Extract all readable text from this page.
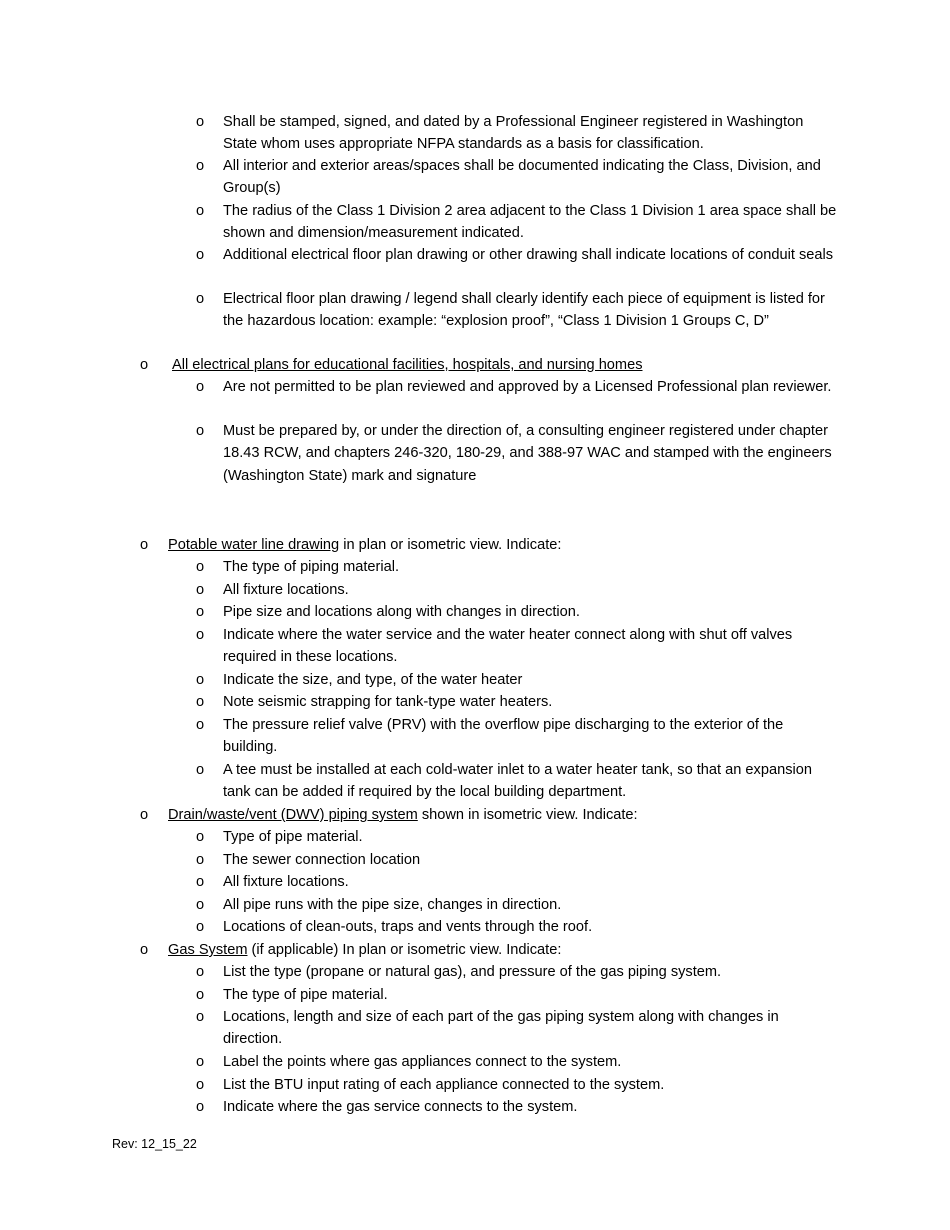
o Shall be stamped, signed, and dated by a Professional Engineer registered in Washington State whom uses appropriate NFPA standards as a basis for classification.
o All interior and exterior areas/spaces shall be documented indicating the Class, Division, and Group(s)
o The radius of the Class 1 Division 2 area adjacent to the Class 1 Division 1 area space shall be shown and dimension/measurement indicated.
o Additional electrical floor plan drawing or other drawing shall indicate locations of conduit seals
o Electrical floor plan drawing / legend shall clearly identify each piece of equipment is listed for the hazardous location: example: “explosion proof”, “Class 1 Division 1 Groups C, D”
o All electrical plans for educational facilities, hospitals, and nursing homes
o Are not permitted to be plan reviewed and approved by a Licensed Professional plan reviewer.
o Must be prepared by, or under the direction of, a consulting engineer registered under chapter 18.43 RCW, and chapters 246-320, 180-29, and 388-97 WAC and stamped with the engineers (Washington State) mark and signature
o Potable water line drawing in plan or isometric view. Indicate:
o The type of piping material.
o All fixture locations.
o Pipe size and locations along with changes in direction.
o Indicate where the water service and the water heater connect along with shut off valves required in these locations.
o Indicate the size, and type, of the water heater
o Note seismic strapping for tank-type water heaters.
o The pressure relief valve (PRV) with the overflow pipe discharging to the exterior of the building.
o A tee must be installed at each cold-water inlet to a water heater tank, so that an expansion tank can be added if required by the local building department.
o Drain/waste/vent (DWV) piping system shown in isometric view. Indicate:
o Type of pipe material.
o The sewer connection location
o All fixture locations.
o All pipe runs with the pipe size, changes in direction.
o Locations of clean-outs, traps and vents through the roof.
o Gas System (if applicable) In plan or isometric view. Indicate:
o List the type (propane or natural gas), and pressure of the gas piping system.
o The type of pipe material.
o Locations, length and size of each part of the gas piping system along with changes in direction.
o Label the points where gas appliances connect to the system.
o List the BTU input rating of each appliance connected to the system.
o Indicate where the gas service connects to the system.
Rev: 12_15_22
